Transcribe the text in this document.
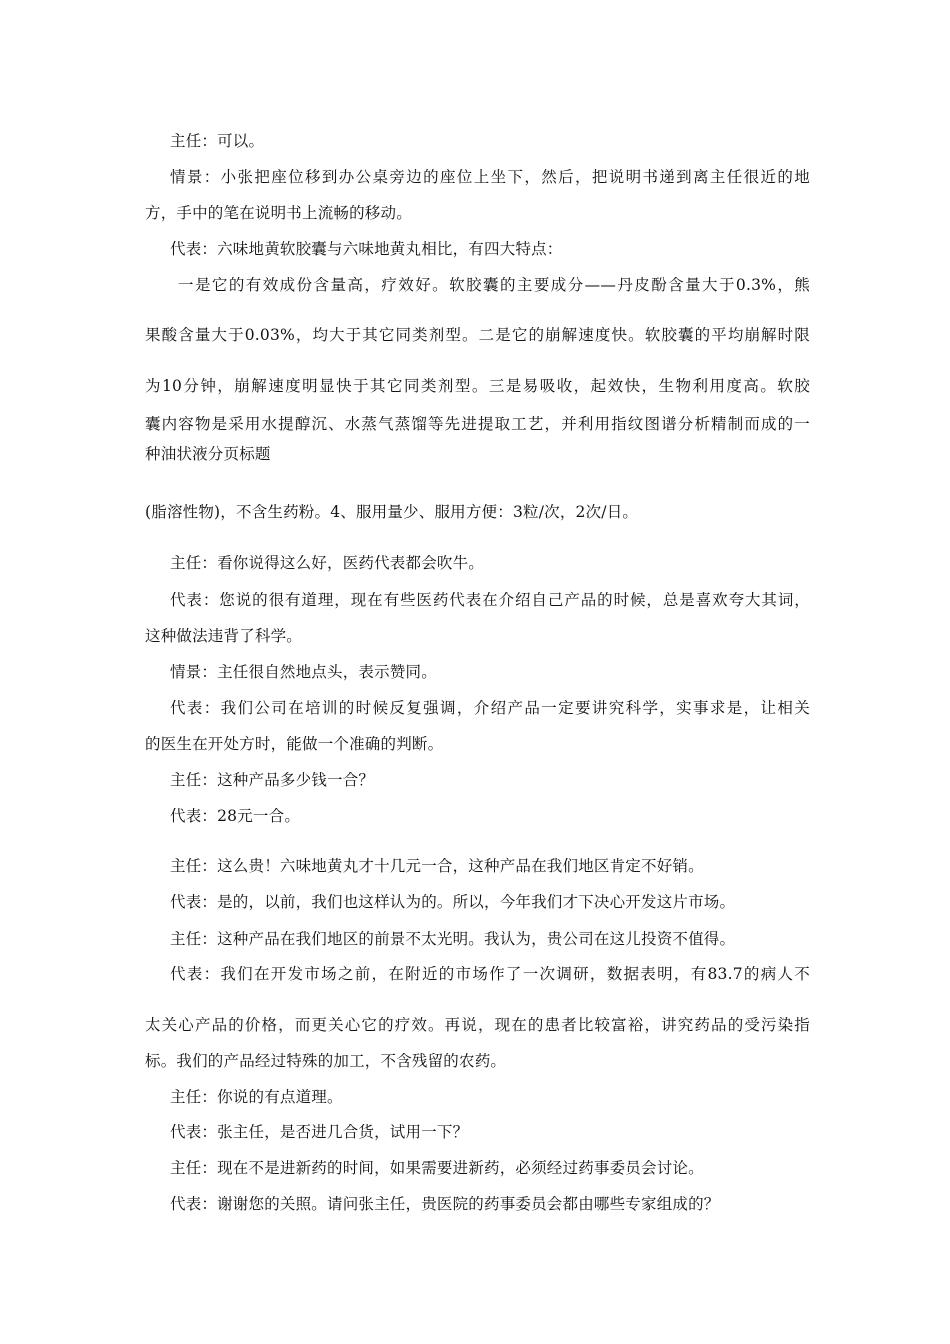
主任：可以。
情景：小张把座位移到办公桌旁边的座位上坐下，然后，把说明书递到离主任很近的地
方，手中的笔在说明书上流畅的移动。
代表：六味地黄软胶囊与六味地黄丸相比，有四大特点：
一是它的有效成份含量高，疗效好。软胶囊的主要成分——丹皮酚含量大于0.3%，熊
果酸含量大于0.03%，均大于其它同类剂型。二是它的崩解速度快。软胶囊的平均崩解时限
为10分钟，崩解速度明显快于其它同类剂型。三是易吸收，起效快，生物利用度高。软胶
囊内容物是采用水提醇沉、水蒸气蒸馏等先进提取工艺，并利用指纹图谱分析精制而成的一
种油状液分页标题
(脂溶性物)，不含生药粉。4、服用量少、服用方便：3粒/次，2次/日。
主任：看你说得这么好，医药代表都会吹牛。
代表：您说的很有道理，现在有些医药代表在介绍自己产品的时候，总是喜欢夸大其词，
这种做法违背了科学。
情景：主任很自然地点头，表示赞同。
代表：我们公司在培训的时候反复强调，介绍产品一定要讲究科学，实事求是，让相关
的医生在开处方时，能做一个准确的判断。
主任：这种产品多少钱一合？
代表：28元一合。
主任：这么贵！六味地黄丸才十几元一合，这种产品在我们地区肯定不好销。
代表：是的，以前，我们也这样认为的。所以，今年我们才下决心开发这片市场。
主任：这种产品在我们地区的前景不太光明。我认为，贵公司在这儿投资不值得。
代表：我们在开发市场之前，在附近的市场作了一次调研，数据表明，有83.7的病人不
太关心产品的价格，而更关心它的疗效。再说，现在的患者比较富裕，讲究药品的受污染指
标。我们的产品经过特殊的加工，不含残留的农药。
主任：你说的有点道理。
代表：张主任，是否进几合货，试用一下？
主任：现在不是进新药的时间，如果需要进新药，必须经过药事委员会讨论。
代表：谢谢您的关照。请问张主任，贵医院的药事委员会都由哪些专家组成的？
